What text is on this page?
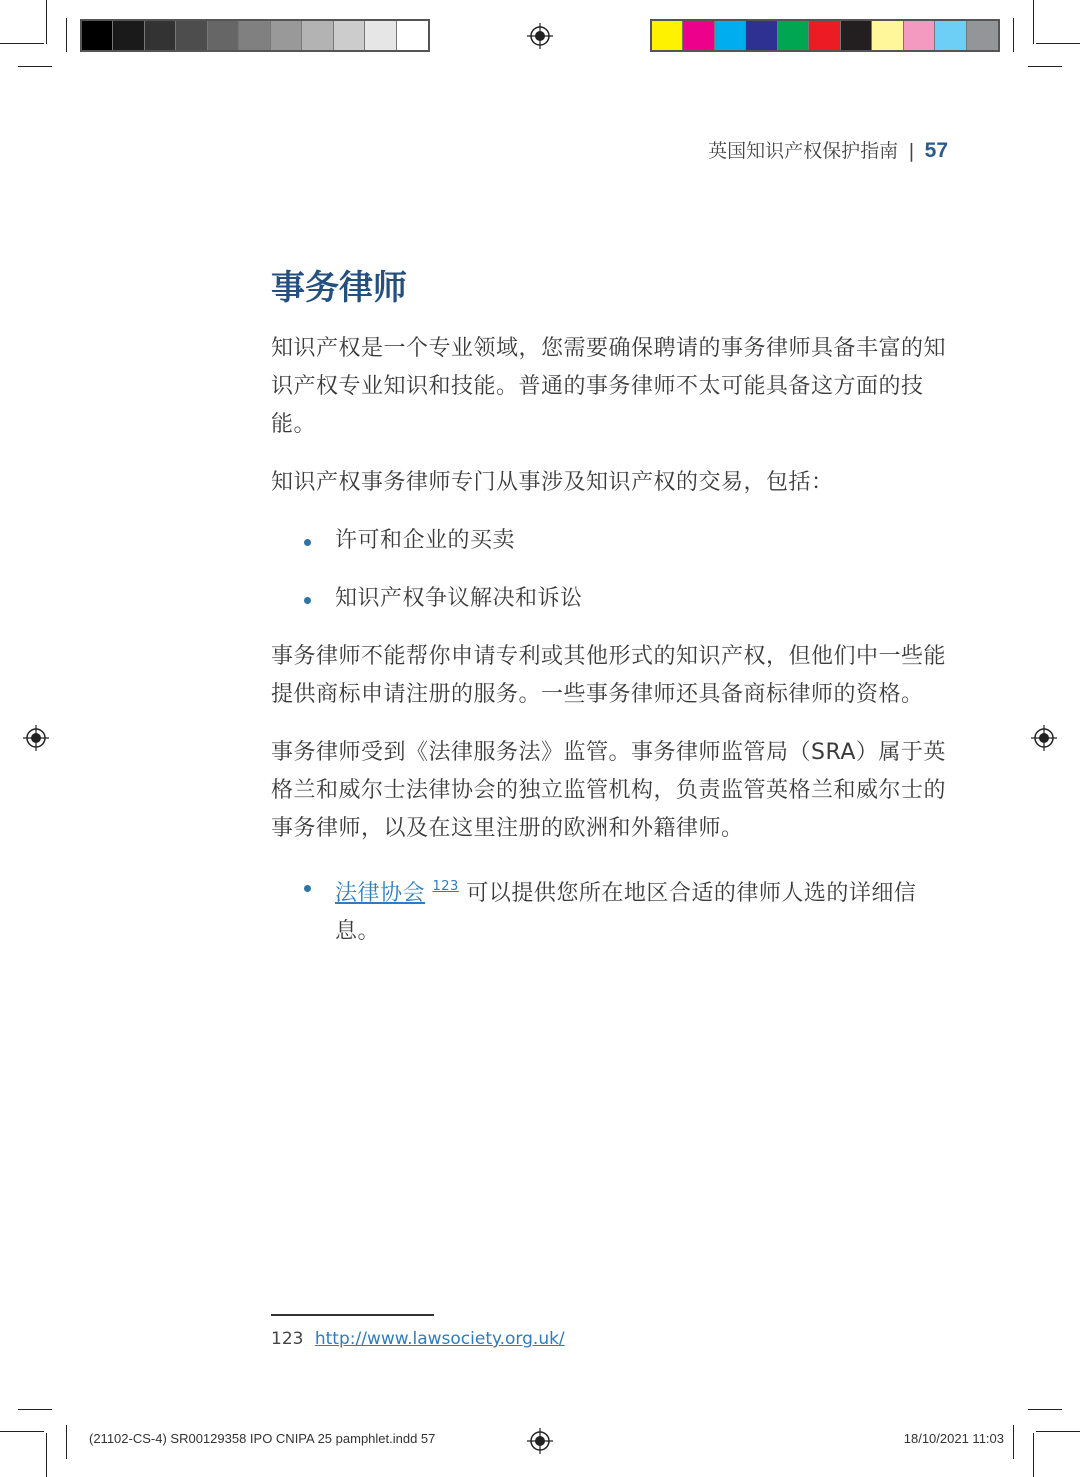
英国知识产权保护指南 | 57
事务律师

知识产权是一个专业领域，您需要确保聘请的事务律师具备丰富的知识产权专业知识和技能。普通的事务律师不太可能具备这方面的技能。

知识产权事务律师专门从事涉及知识产权的交易，包括：

许可和企业的买卖
知识产权争议解决和诉讼

事务律师不能帮你申请专利或其他形式的知识产权，但他们中一些能提供商标申请注册的服务。一些事务律师还具备商标律师的资格。

事务律师受到《法律服务法》监管。事务律师监管局（SRA）属于英格兰和威尔士法律协会的独立监管机构，负责监管英格兰和威尔士的事务律师，以及在这里注册的欧洲和外籍律师。

法律协会 $^{123}$ 可以提供您所在地区合适的律师人选的详细信息。
123 http://www.lawsociety.org.uk/
(21102-CS-4) SR00129358 IPO CNIPA 25 pamphlet.indd 57	18/10/2021 11:03
